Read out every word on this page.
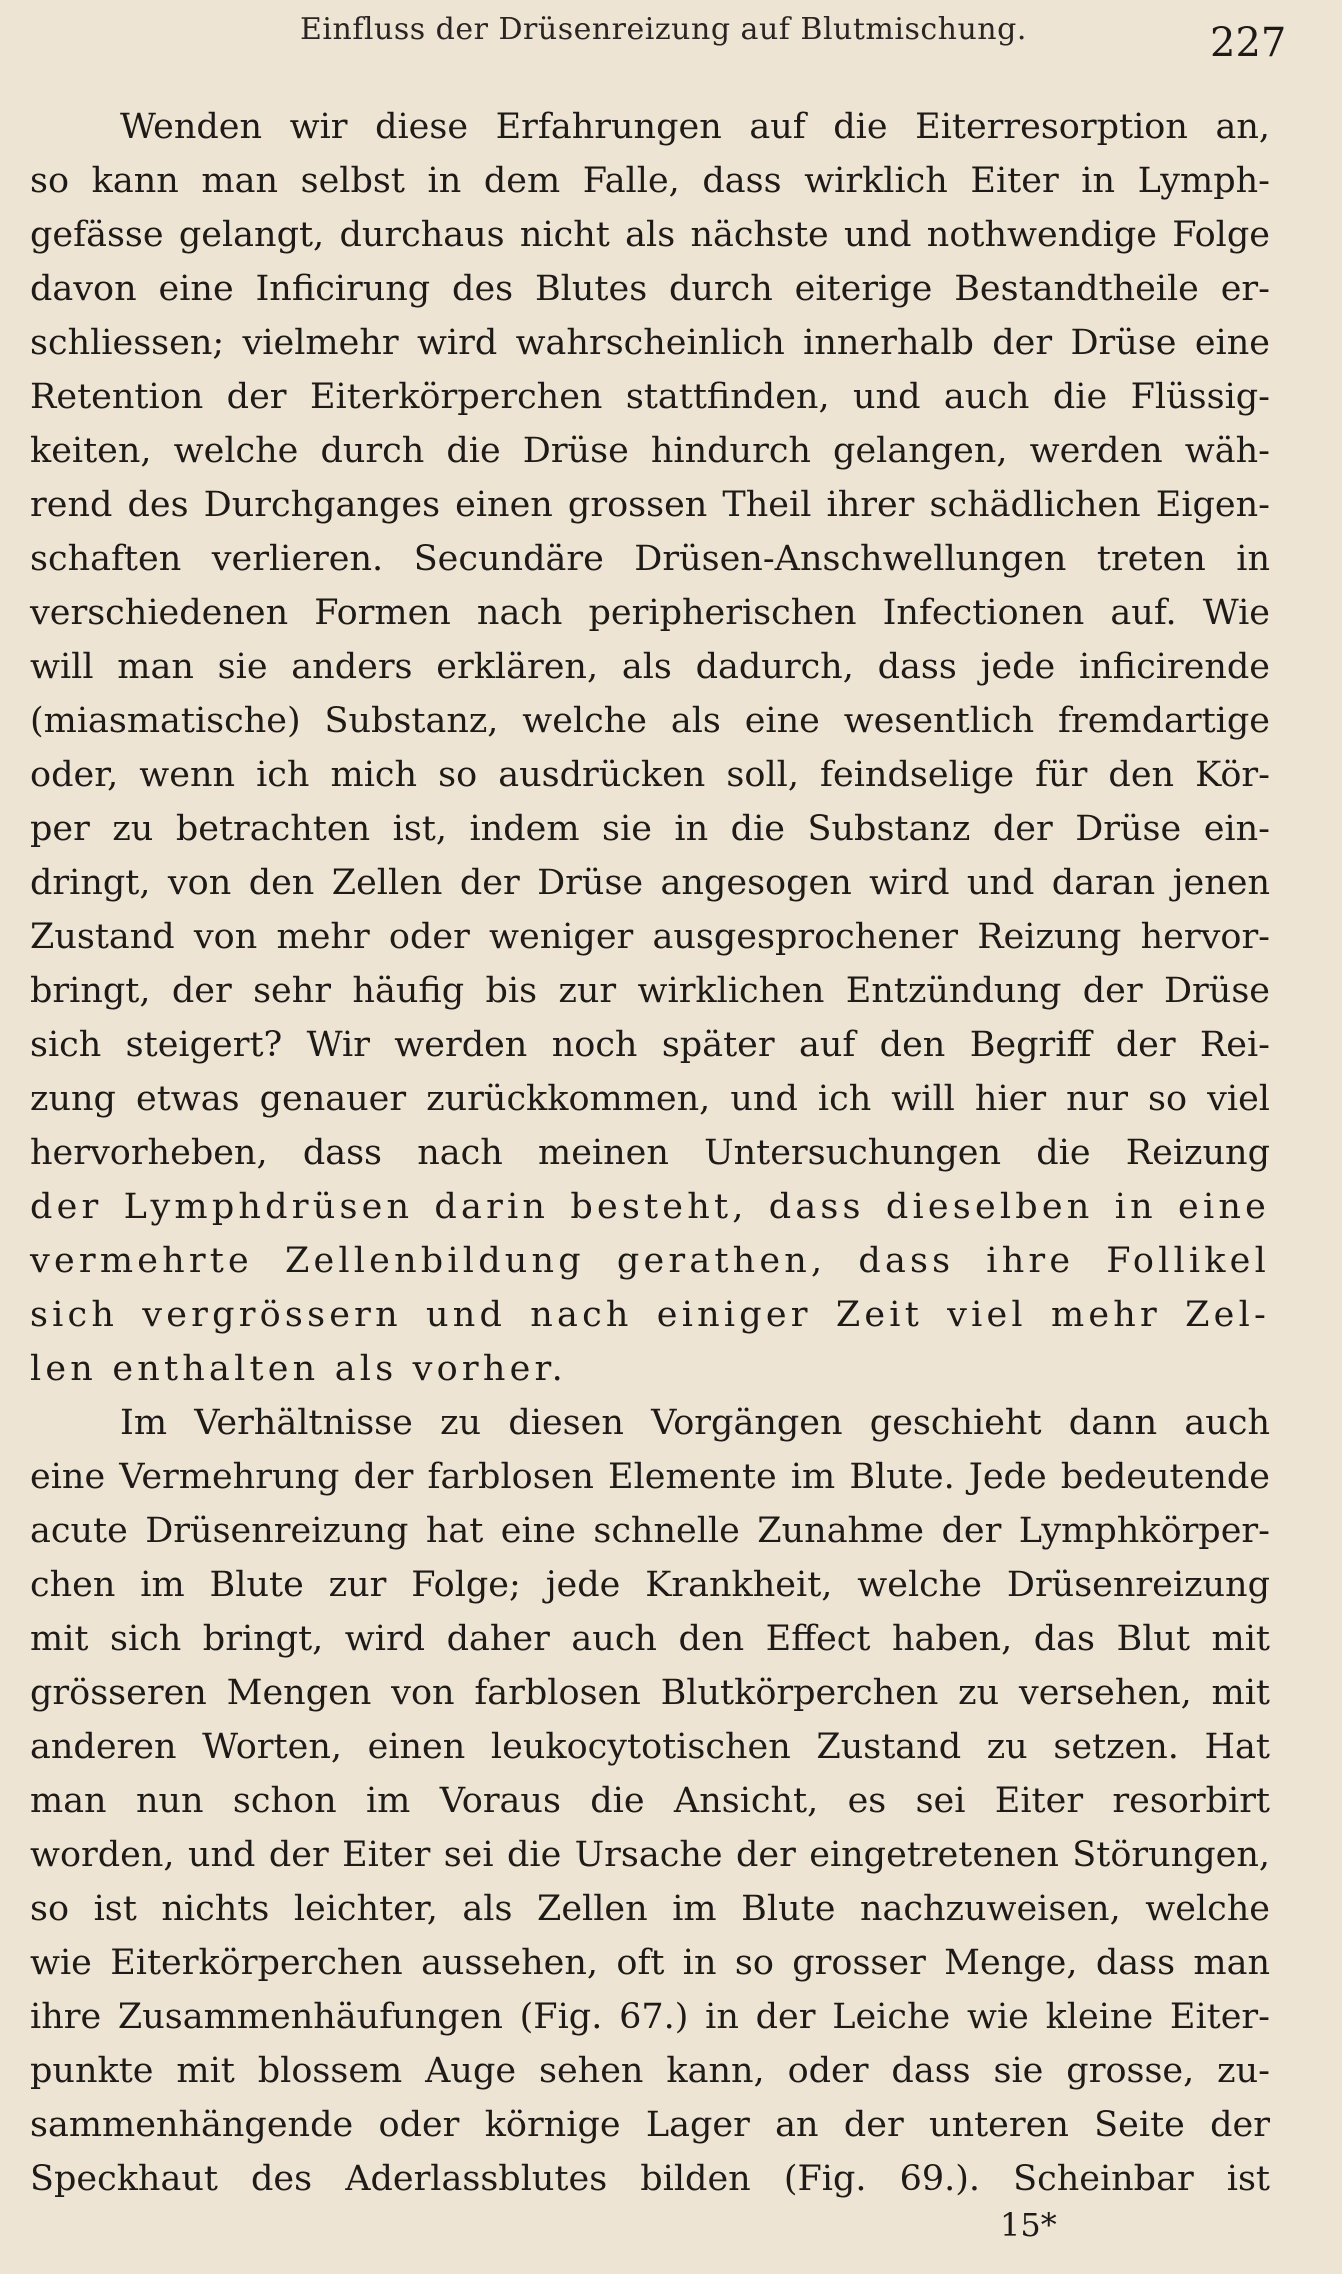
Einfluss der Drüsenreizung auf Blutmischung.	227
Wenden wir diese Erfahrungen auf die Eiterresorption an,
so kann man selbst in dem Falle, dass wirklich Eiter in Lymph-
gefässe gelangt, durchaus nicht als nächste und nothwendige Folge
davon eine Inficirung des Blutes durch eiterige Bestandtheile er-
schliessen; vielmehr wird wahrscheinlich innerhalb der Drüse eine
Retention der Eiterkörperchen stattfinden, und auch die Flüssig-
keiten, welche durch die Drüse hindurch gelangen, werden wäh-
rend des Durchganges einen grossen Theil ihrer schädlichen Eigen-
schaften verlieren. Secundäre Drüsen-Anschwellungen treten in
verschiedenen Formen nach peripherischen Infectionen auf. Wie
will man sie anders erklären, als dadurch, dass jede inficirende
(miasmatische) Substanz, welche als eine wesentlich fremdartige
oder, wenn ich mich so ausdrücken soll, feindselige für den Kör-
per zu betrachten ist, indem sie in die Substanz der Drüse ein-
dringt, von den Zellen der Drüse angesogen wird und daran jenen
Zustand von mehr oder weniger ausgesprochener Reizung hervor-
bringt, der sehr häufig bis zur wirklichen Entzündung der Drüse
sich steigert? Wir werden noch später auf den Begriff der Rei-
zung etwas genauer zurückkommen, und ich will hier nur so viel
hervorheben, dass nach meinen Untersuchungen die Reizung
der Lymphdrüsen darin besteht, dass dieselben in eine
vermehrte Zellenbildung gerathen, dass ihre Follikel
sich vergrössern und nach einiger Zeit viel mehr Zel-
len enthalten als vorher.
Im Verhältnisse zu diesen Vorgängen geschieht dann auch
eine Vermehrung der farblosen Elemente im Blute. Jede bedeutende
acute Drüsenreizung hat eine schnelle Zunahme der Lymphkörper-
chen im Blute zur Folge; jede Krankheit, welche Drüsenreizung
mit sich bringt, wird daher auch den Effect haben, das Blut mit
grösseren Mengen von farblosen Blutkörperchen zu versehen, mit
anderen Worten, einen leukocytotischen Zustand zu setzen. Hat
man nun schon im Voraus die Ansicht, es sei Eiter resorbirt
worden, und der Eiter sei die Ursache der eingetretenen Störungen,
so ist nichts leichter, als Zellen im Blute nachzuweisen, welche
wie Eiterkörperchen aussehen, oft in so grosser Menge, dass man
ihre Zusammenhäufungen (Fig. 67.) in der Leiche wie kleine Eiter-
punkte mit blossem Auge sehen kann, oder dass sie grosse, zu-
sammenhängende oder körnige Lager an der unteren Seite der
Speckhaut des Aderlassblutes bilden (Fig. 69.). Scheinbar ist
15*
